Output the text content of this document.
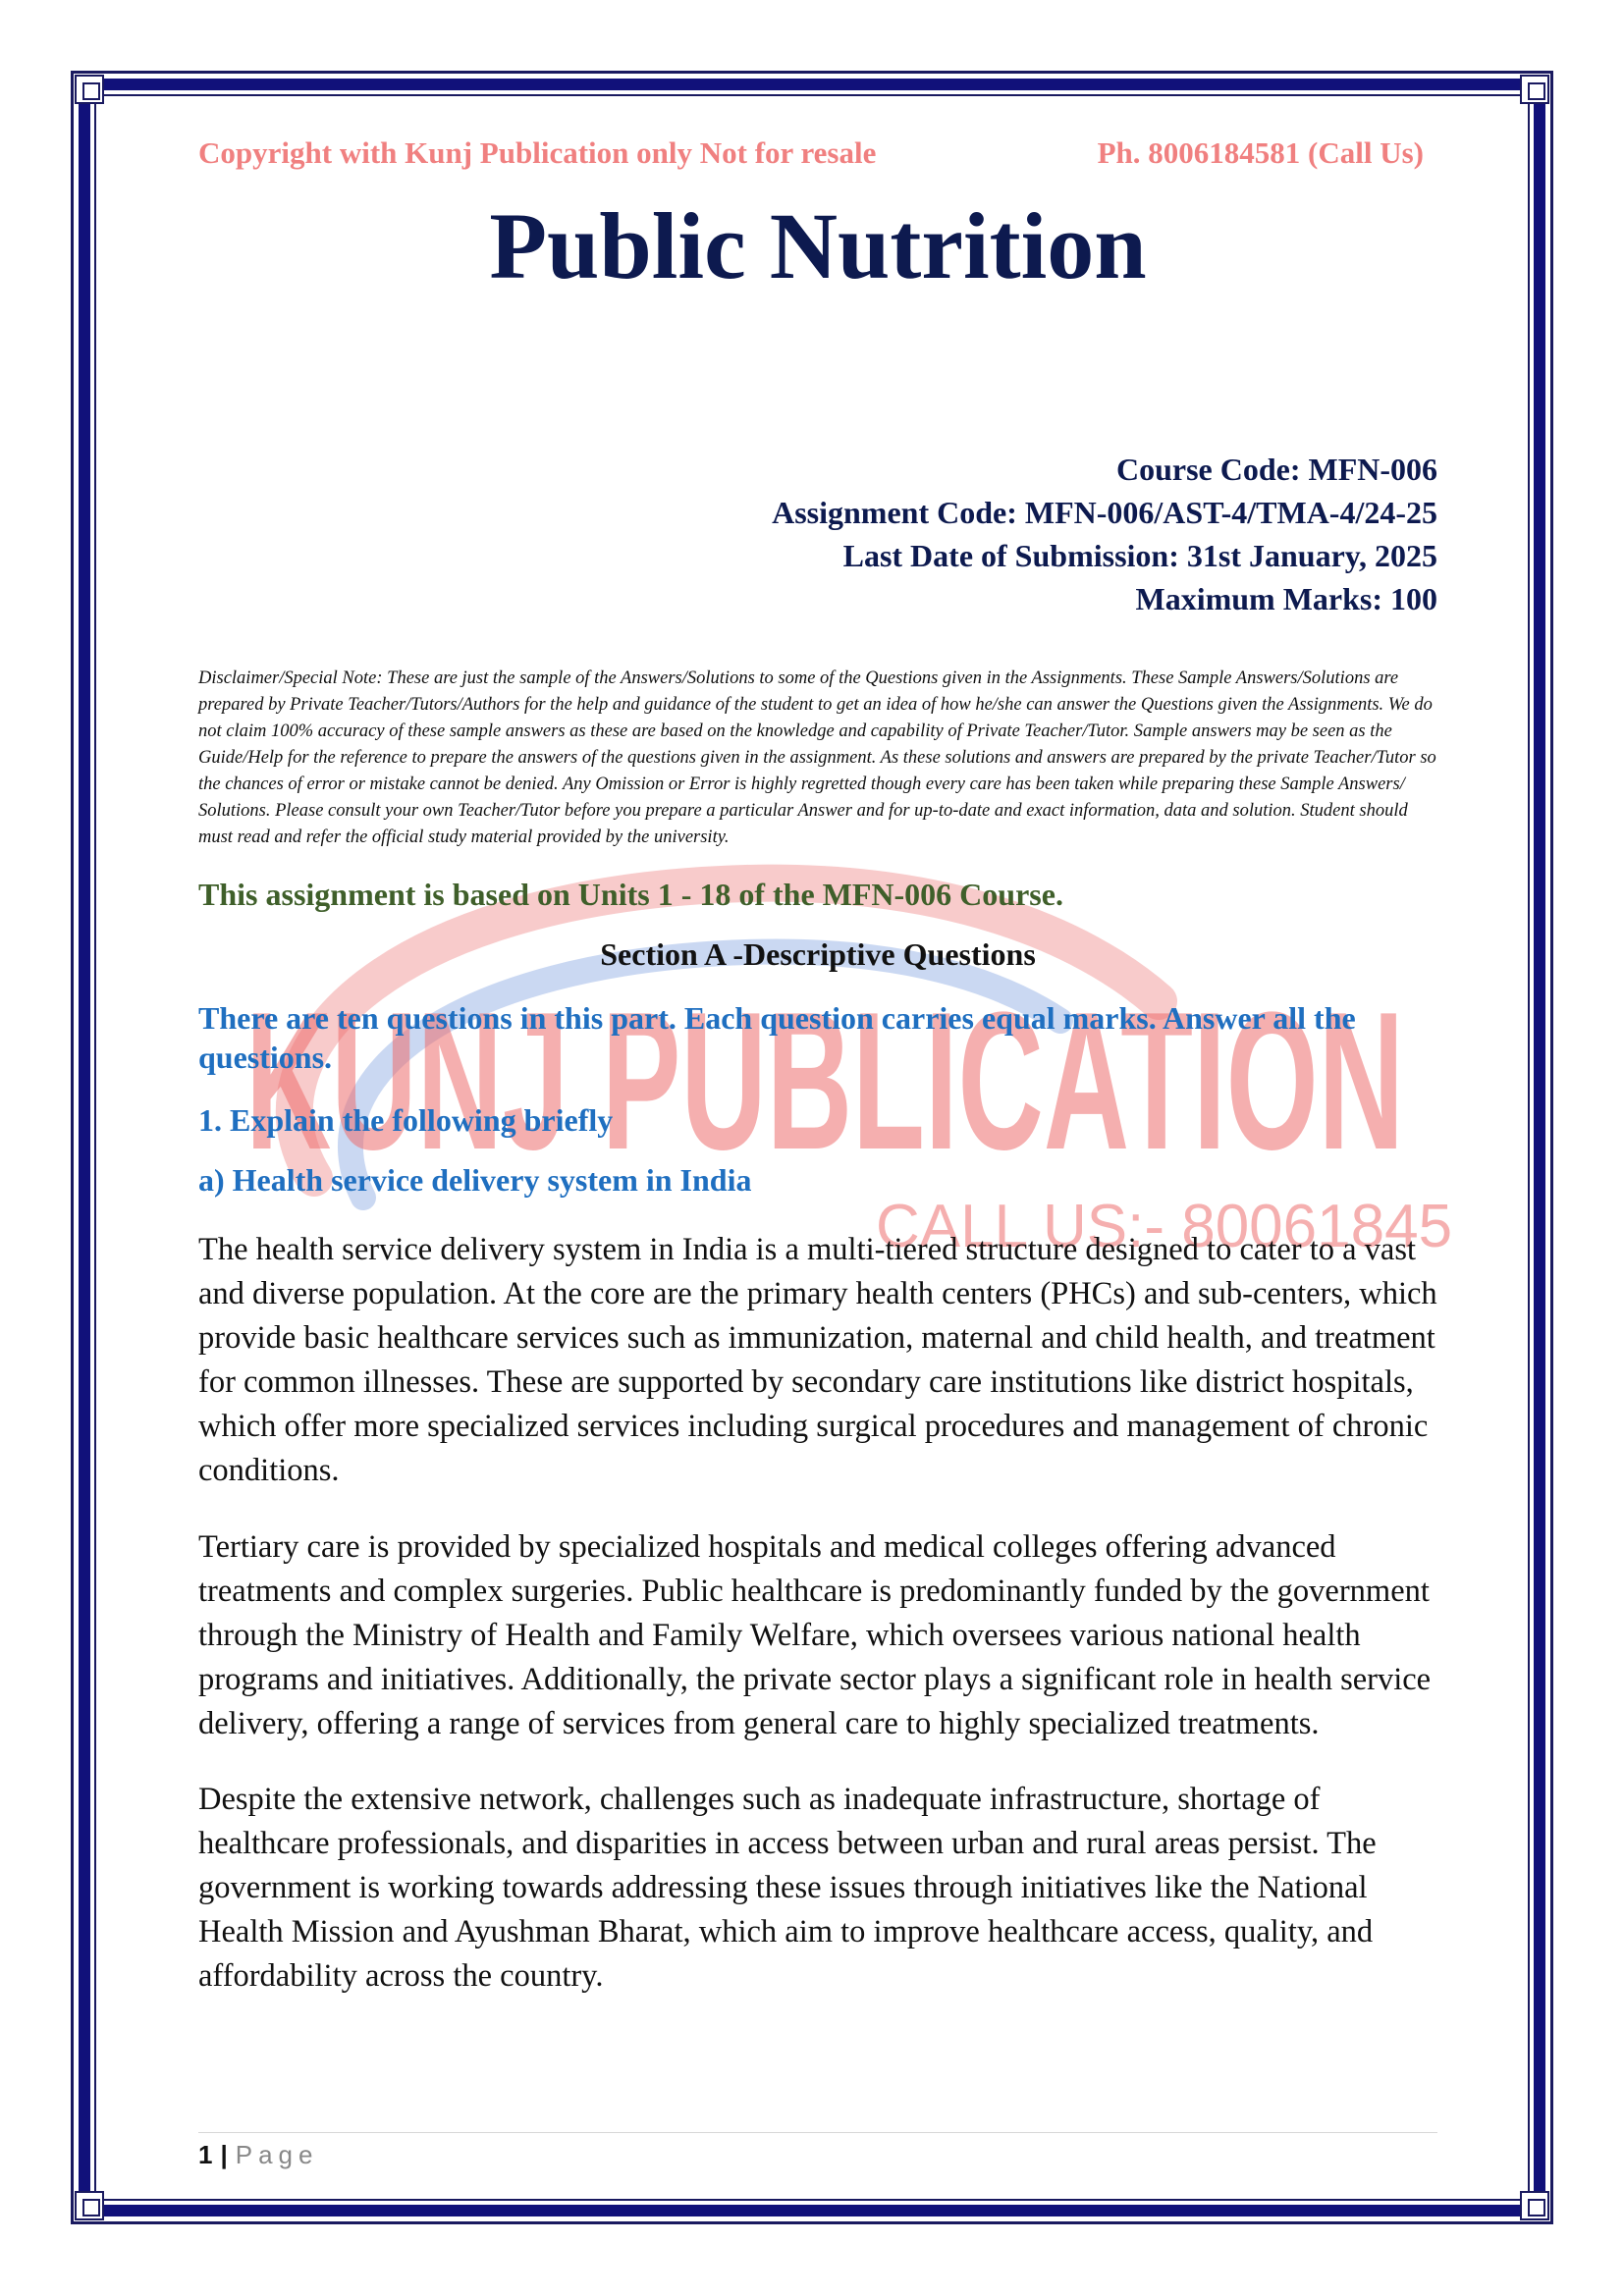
KUNJ PUBLICATION
CALL US:- 80061845
Copyright with Kunj Publication only Not for resale	Ph. 8006184581 (Call Us)
Public Nutrition
Course Code: MFN-006
Assignment Code: MFN-006/AST-4/TMA-4/24-25
Last Date of Submission: 31st January, 2025
Maximum Marks: 100
Disclaimer/Special Note: These are just the sample of the Answers/Solutions to some of the Questions given in the Assignments. These Sample Answers/Solutions are prepared by Private Teacher/Tutors/Authors for the help and guidance of the student to get an idea of how he/she can answer the Questions given the Assignments. We do not claim 100% accuracy of these sample answers as these are based on the knowledge and capability of Private Teacher/Tutor. Sample answers may be seen as the Guide/Help for the reference to prepare the answers of the questions given in the assignment. As these solutions and answers are prepared by the private Teacher/Tutor so the chances of error or mistake cannot be denied. Any Omission or Error is highly regretted though every care has been taken while preparing these Sample Answers/ Solutions. Please consult your own Teacher/Tutor before you prepare a particular Answer and for up-to-date and exact information, data and solution. Student should must read and refer the official study material provided by the university.
This assignment is based on Units 1 - 18 of the MFN-006 Course.
Section A -Descriptive Questions
There are ten questions in this part. Each question carries equal marks. Answer all the questions.
1. Explain the following briefly
a) Health service delivery system in India

The health service delivery system in India is a multi-tiered structure designed to cater to a vast and diverse population. At the core are the primary health centers (PHCs) and sub-centers, which provide basic healthcare services such as immunization, maternal and child health, and treatment for common illnesses. These are supported by secondary care institutions like district hospitals, which offer more specialized services including surgical procedures and management of chronic conditions.

Tertiary care is provided by specialized hospitals and medical colleges offering advanced treatments and complex surgeries. Public healthcare is predominantly funded by the government through the Ministry of Health and Family Welfare, which oversees various national health programs and initiatives. Additionally, the private sector plays a significant role in health service delivery, offering a range of services from general care to highly specialized treatments.

Despite the extensive network, challenges such as inadequate infrastructure, shortage of healthcare professionals, and disparities in access between urban and rural areas persist. The government is working towards addressing these issues through initiatives like the National Health Mission and Ayushman Bharat, which aim to improve healthcare access, quality, and affordability across the country.

1 | Page
